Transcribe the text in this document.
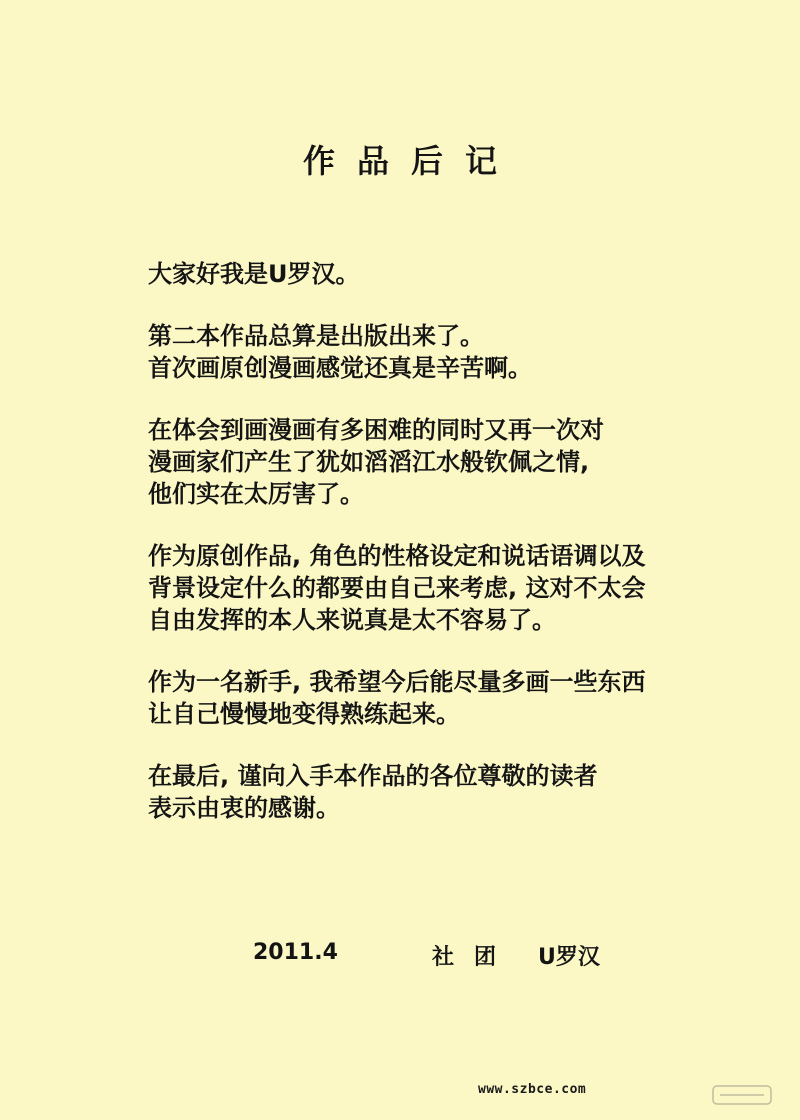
作品后记
大家好我是U罗汉。
第二本作品总算是出版出来了。
首次画原创漫画感觉还真是辛苦啊。
在体会到画漫画有多困难的同时又再一次对
漫画家们产生了犹如滔滔江水般钦佩之情,
他们实在太厉害了。
作为原创作品, 角色的性格设定和说话语调以及
背景设定什么的都要由自己来考虑, 这对不太会
自由发挥的本人来说真是太不容易了。
作为一名新手, 我希望今后能尽量多画一些东西
让自己慢慢地变得熟练起来。
在最后, 谨向入手本作品的各位尊敬的读者
表示由衷的感谢。
2011.4	社团 U罗汉
www.szbce.com
